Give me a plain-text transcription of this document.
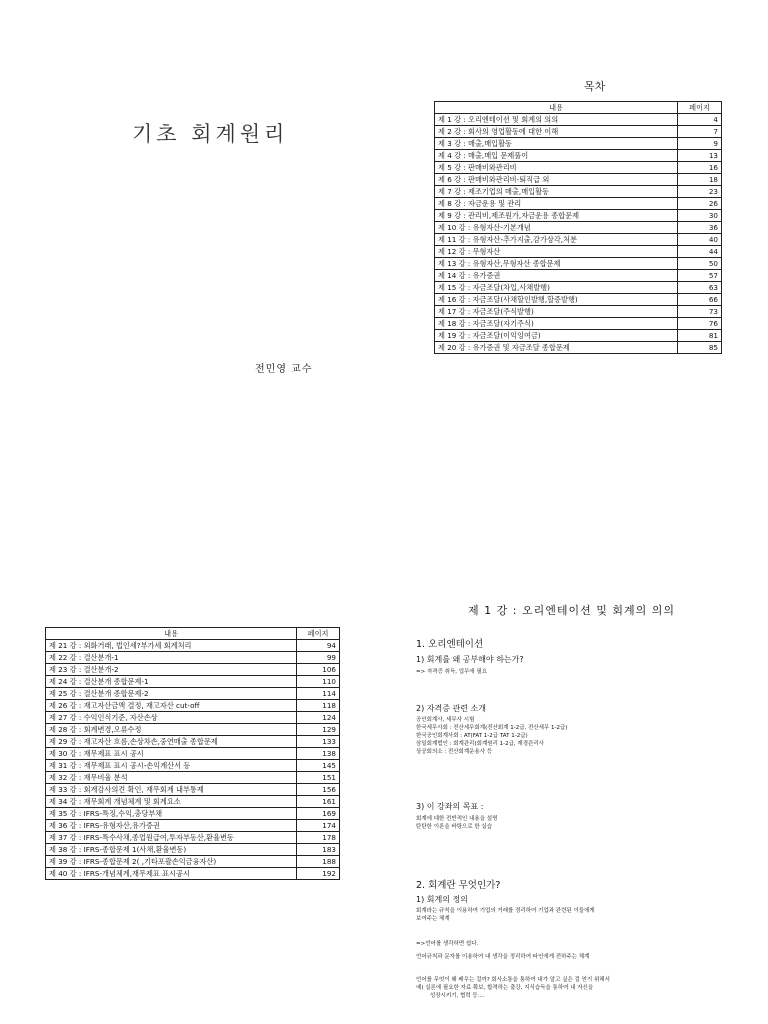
기초 회계원리
전민영 교수
목차
내용	페이지
제 1 강 : 오리엔테이션 및 회계의 의의	4
제 2 강 : 회사의 영업활동에 대한 이해	7
제 3 강 : 매출,매입활동	9
제 4 강 : 매출,매입 문제풀이	13
제 5 강 : 판매비와관리비	16
제 6 강 : 판매비와관리비-퇴직급 외	18
제 7 강 : 제조기업의 매출,매입활동	23
제 8 강 : 자금운용 및 관리	26
제 9 강 : 관리비,제조원가,자금운용 종합문제	30
제 10 강 : 유형자산-기본개념	36
제 11 강 : 유형자산-추가지출,감가상각,처분	40
제 12 강 : 무형자산	44
제 13 강 : 유형자산,무형자산 종합문제	50
제 14 강 : 유가증권	57
제 15 강 : 자금조달(차입,사채발행)	63
제 16 강 : 자금조달(사채할인발행,할증발행)	66
제 17 강 : 자금조달(주식발행)	73
제 18 강 : 자금조달(자기주식)	76
제 19 강 : 자금조달(이익잉여금)	81
제 20 강 : 유가증권 및 자금조달 종합문제	85
내용	페이지
제 21 강 : 외화거래, 법인세?부가세 회계처리	94
제 22 강 : 결산분개-1	99
제 23 강 : 결산분개-2	106
제 24 강 : 결산분개 종합문제-1	110
제 25 강 : 결산분개 종합문제-2	114
제 26 강 : 재고자산금액 결정, 재고자산 cut-off	118
제 27 강 : 수익인식기준, 자산손상	124
제 28 강 : 회계변경,오류수정	129
제 29 강 : 재고자산 흐름,손상차손,중연매출 종합문제	133
제 30 강 : 재무제표 표시 공시	138
제 31 강 : 재무제표 표시 공시-손익계산서 등	145
제 32 강 : 재무비율 분석	151
제 33 강 : 회계감사의견 확인, 재무회계 내부통제	156
제 34 강 : 재무회계 개념체계 및 회계요소	161
제 35 강 : IFRS-특징,수익,충당부채	169
제 36 강 : IFRS-유형자산,유가증권	174
제 37 강 : IFRS-특수사채,종업원급여,투자부동산,환율변동	178
제 38 강 : IFRS-종합문제 1(사채,환율변동)	183
제 39 강 : IFRS-종합문제 2( ,기타포괄손익금융자산)	188
제 40 강 : IFRS-개념체계,재무제표 표시공시	192
제 1 강 : 오리엔테이션 및 회계의 의의
1. 오리엔테이션
1) 회계를 왜 공부해야 하는가?
=> 자격증 취득, 업무에 필요
2) 자격증 관련 소개
공인회계사, 세무사 시험
한국세무사회 : 전산세무회계(전산회계 1-2급, 전산세무 1-2급)
한국공인회계사회 : AT(FAT 1-2급 TAT 1-2급)
삼일회계법인 : 회계관리(회계원리 1-2급, 재경관리사
상공회의소 : 전산회계운용사 등
3) 이 강좌의 목표 :
회계에 대한 전반적인 내용을 설명
탄탄한 이론을 바탕으로 한 실습
2. 회계란 무엇인가?
1) 회계의 정의
회계라는 규칙을 이용하여 기업의 거래를 정리하여 기업과 관련된 이들에게
보여주는 체계
=>언어를 생각하면 쉽다.
언어규칙과 문자를 이용하여 내 생각을 정리하여 타인에게 전하주는 체계
언어를 무엇이 왜 배우는 걸까? 회사소통을 통하여 내가 알고 싶은 걸 얻기 위해서
예) 실론에 필요한 자료 확보, 합격하는 출강, 지식습득을 통하여 내 자신을
성장시키기, 협력 등....
